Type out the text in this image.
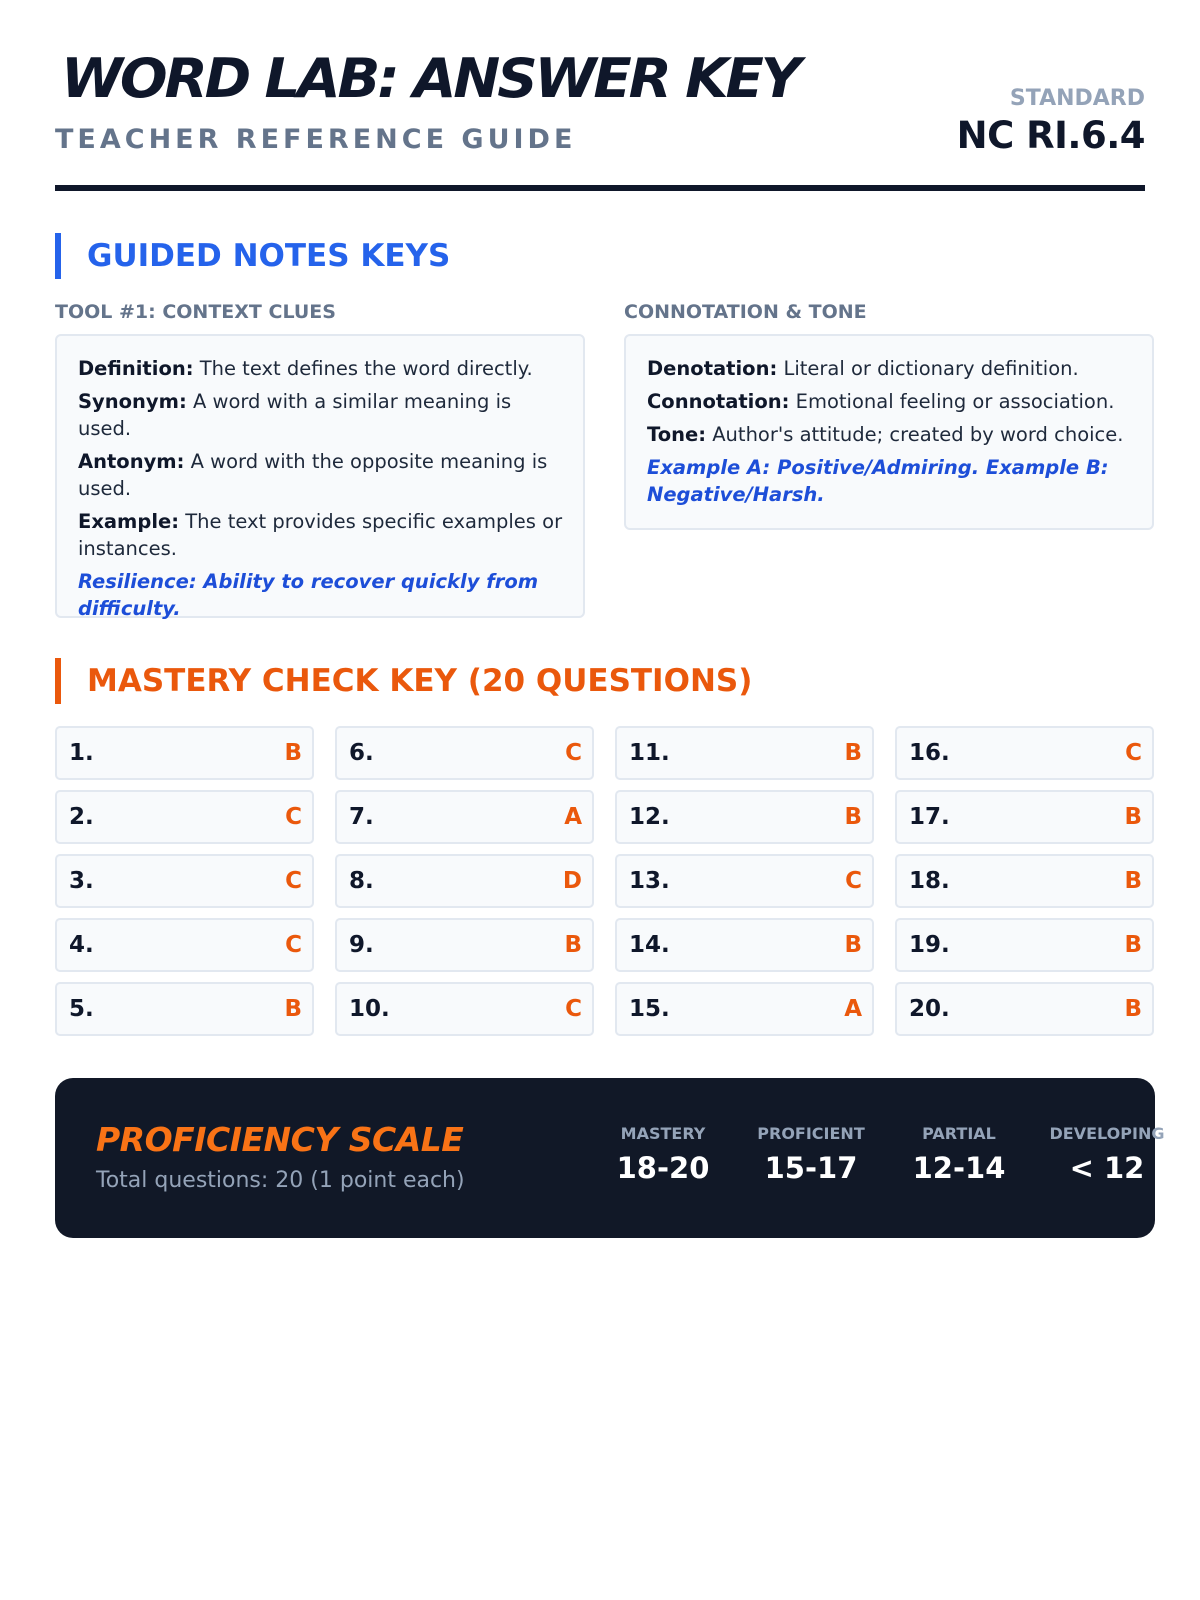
WORD LAB: ANSWER KEY
TEACHER REFERENCE GUIDE
STANDARD
NC RI.6.4
GUIDED NOTES KEYS
TOOL #1: CONTEXT CLUES
Definition: The text defines the word directly.
Synonym: A word with a similar meaning is used.
Antonym: A word with the opposite meaning is used.
Example: The text provides specific examples or instances.
Resilience: Ability to recover quickly from difficulty.
CONNOTATION & TONE
Denotation: Literal or dictionary definition.
Connotation: Emotional feeling or association.
Tone: Author's attitude; created by word choice.
Example A: Positive/Admiring. Example B: Negative/Harsh.
MASTERY CHECK KEY (20 QUESTIONS)
1.	B
2.	C
3.	C
4.	C
5.	B
6.	C
7.	A
8.	D
9.	B
10.	C
11.	B
12.	B
13.	C
14.	B
15.	A
16.	C
17.	B
18.	B
19.	B
20.	B
PROFICIENCY SCALE
Total questions: 20 (1 point each)
MASTERY
18-20
PROFICIENT
15-17
PARTIAL
12-14
DEVELOPING
< 12
